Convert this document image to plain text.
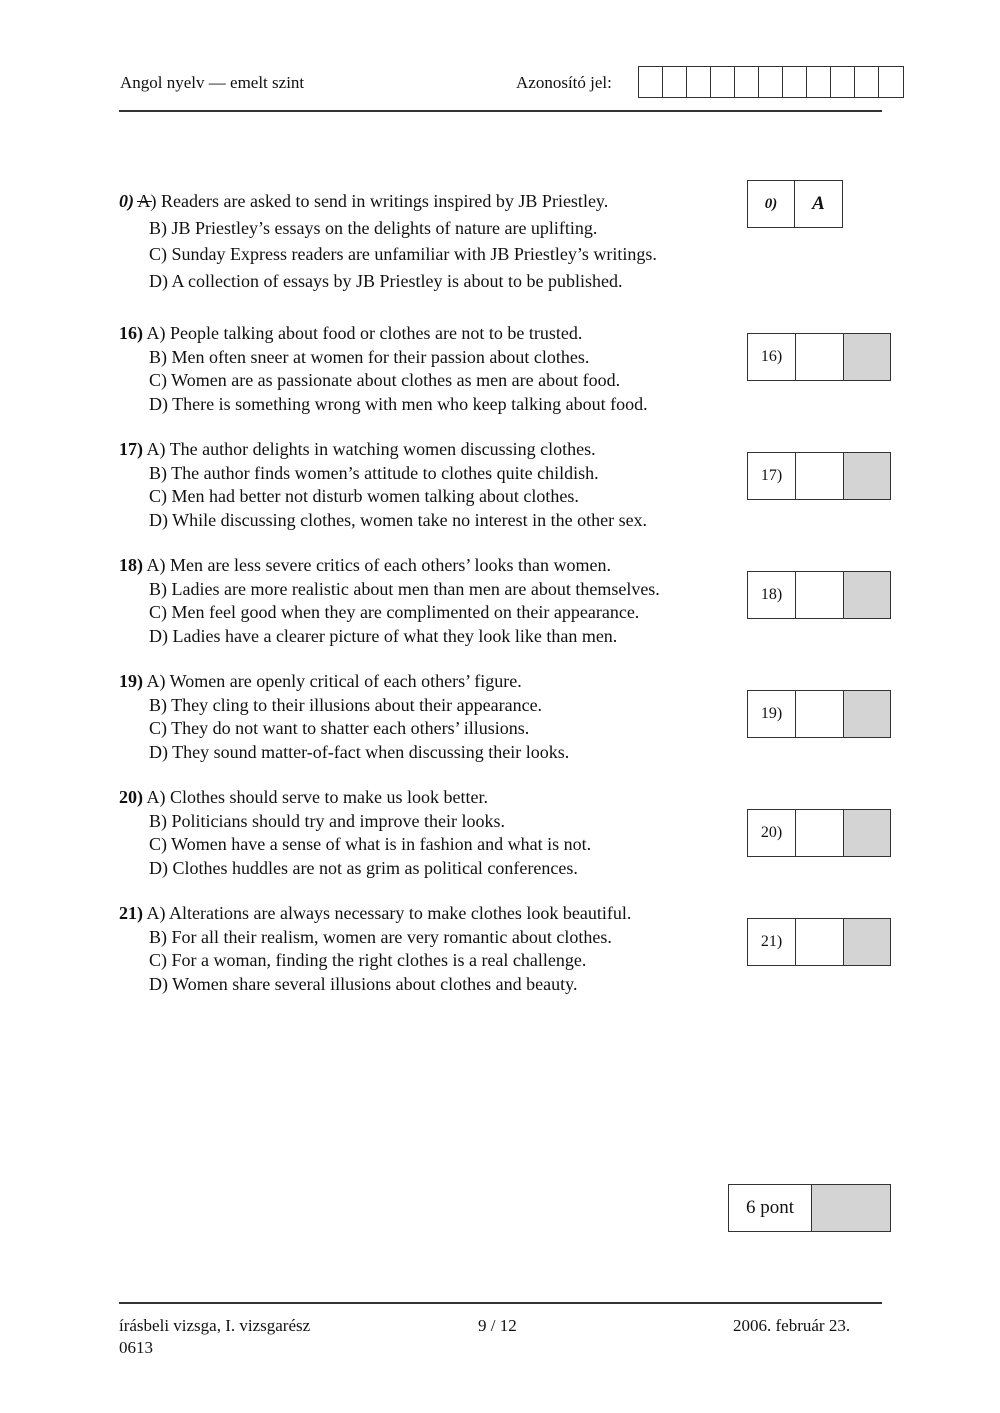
Angol nyelv — emelt szint	Azonosító jel:
0) A) Readers are asked to send in writings inspired by JB Priestley.
B) JB Priestley’s essays on the delights of nature are uplifting.
C) Sunday Express readers are unfamiliar with JB Priestley’s writings.
D) A collection of essays by JB Priestley is about to be published.
0)	A
16) A) People talking about food or clothes are not to be trusted.
B) Men often sneer at women for their passion about clothes.
C) Women are as passionate about clothes as men are about food.
D) There is something wrong with men who keep talking about food.
16)
17) A) The author delights in watching women discussing clothes.
B) The author finds women’s attitude to clothes quite childish.
C) Men had better not disturb women talking about clothes.
D) While discussing clothes, women take no interest in the other sex.
17)
18) A) Men are less severe critics of each others’ looks than women.
B) Ladies are more realistic about men than men are about themselves.
C) Men feel good when they are complimented on their appearance.
D) Ladies have a clearer picture of what they look like than men.
18)
19) A) Women are openly critical of each others’ figure.
B) They cling to their illusions about their appearance.
C) They do not want to shatter each others’ illusions.
D) They sound matter-of-fact when discussing their looks.
19)
20) A) Clothes should serve to make us look better.
B) Politicians should try and improve their looks.
C) Women have a sense of what is in fashion and what is not.
D) Clothes huddles are not as grim as political conferences.
20)
21) A) Alterations are always necessary to make clothes look beautiful.
B) For all their realism, women are very romantic about clothes.
C) For a woman, finding the right clothes is a real challenge.
D) Women share several illusions about clothes and beauty.
21)
6 pont
írásbeli vizsga, I. vizsgarész
0613
9 / 12	2006. február 23.
